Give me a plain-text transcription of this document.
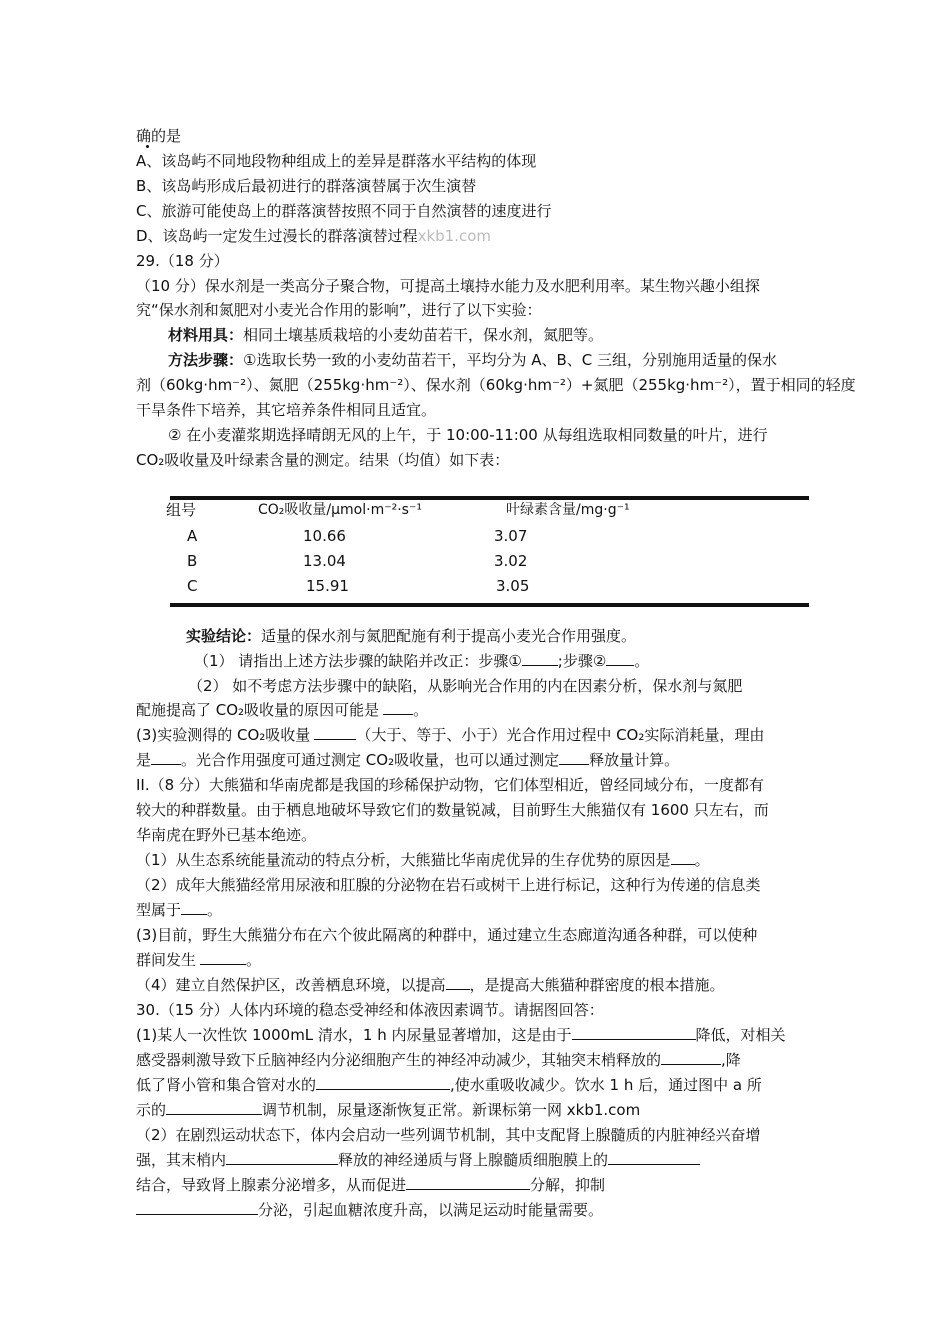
确的是
A、该岛屿不同地段物种组成上的差异是群落水平结构的体现
B、该岛屿形成后最初进行的群落演替属于次生演替
C、旅游可能使岛上的群落演替按照不同于自然演替的速度进行
D、该岛屿一定发生过漫长的群落演替过程xkb1.com
29.（18 分）
（10 分）保水剂是一类高分子聚合物，可提高土壤持水能力及水肥利用率。某生物兴趣小组探
究“保水剂和氮肥对小麦光合作用的影响”，进行了以下实验：
材料用具：相同土壤基质栽培的小麦幼苗若干，保水剂，氮肥等。
方法步骤：①选取长势一致的小麦幼苗若干，平均分为 A、B、C 三组，分别施用适量的保水
剂（60kg·hm⁻²）、氮肥（255kg·hm⁻²）、保水剂（60kg·hm⁻²）+氮肥（255kg·hm⁻²），置于相同的轻度
干旱条件下培养，其它培养条件相同且适宜。
② 在小麦灌浆期选择晴朗无风的上午，于 10:00-11:00 从每组选取相同数量的叶片，进行
CO₂吸收量及叶绿素含量的测定。结果（均值）如下表：
组号	CO₂吸收量/μmol·m⁻²·s⁻¹	叶绿素含量/mg·g⁻¹
A	10.66	3.07
B	13.04	3.02
C	15.91	3.05
实验结论：适量的保水剂与氮肥配施有利于提高小麦光合作用强度。
（1） 请指出上述方法步骤的缺陷并改正：步骤① ;步骤② 。
（2） 如不考虑方法步骤中的缺陷，从影响光合作用的内在因素分析，保水剂与氮肥
配施提高了 CO₂吸收量的原因可能是 。
(3)实验测得的 CO₂吸收量	（大于、等于、小于）光合作用过程中 CO₂实际消耗量，理由
是 。光合作用强度可通过测定 CO₂吸收量，也可以通过测定 释放量计算。
II.（8 分）大熊猫和华南虎都是我国的珍稀保护动物，它们体型相近，曾经同域分布，一度都有
较大的种群数量。由于栖息地破坏导致它们的数量锐减，目前野生大熊猫仅有 1600 只左右，而
华南虎在野外已基本绝迹。
（1）从生态系统能量流动的特点分析，大熊猫比华南虎优异的生存优势的原因是 。
（2）成年大熊猫经常用尿液和肛腺的分泌物在岩石或树干上进行标记，这种行为传递的信息类
型属于 。
(3)目前，野生大熊猫分布在六个彼此隔离的种群中，通过建立生态廊道沟通各种群，可以使种
群间发生	。
（4）建立自然保护区，改善栖息环境，以提高 ，是提高大熊猫种群密度的根本措施。
30.（15 分）人体内环境的稳态受神经和体液因素调节。请据图回答：
(1)某人一次性饮 1000mL 清水，1 h 内尿量显著增加，这是由于	降低，对相关
感受器刺激导致下丘脑神经内分泌细胞产生的神经冲动减少，其轴突末梢释放的	,降
低了肾小管和集合管对水的	,使水重吸收减少。饮水 1 h 后，通过图中 a 所
示的	调节机制，尿量逐渐恢复正常。新课标第一网 xkb1.com
（2）在剧烈运动状态下，体内会启动一些列调节机制，其中支配肾上腺髓质的内脏神经兴奋增
强，其末梢内	释放的神经递质与肾上腺髓质细胞膜上的
结合，导致肾上腺素分泌增多，从而促进	分解，抑制
分泌，引起血糖浓度升高，以满足运动时能量需要。
